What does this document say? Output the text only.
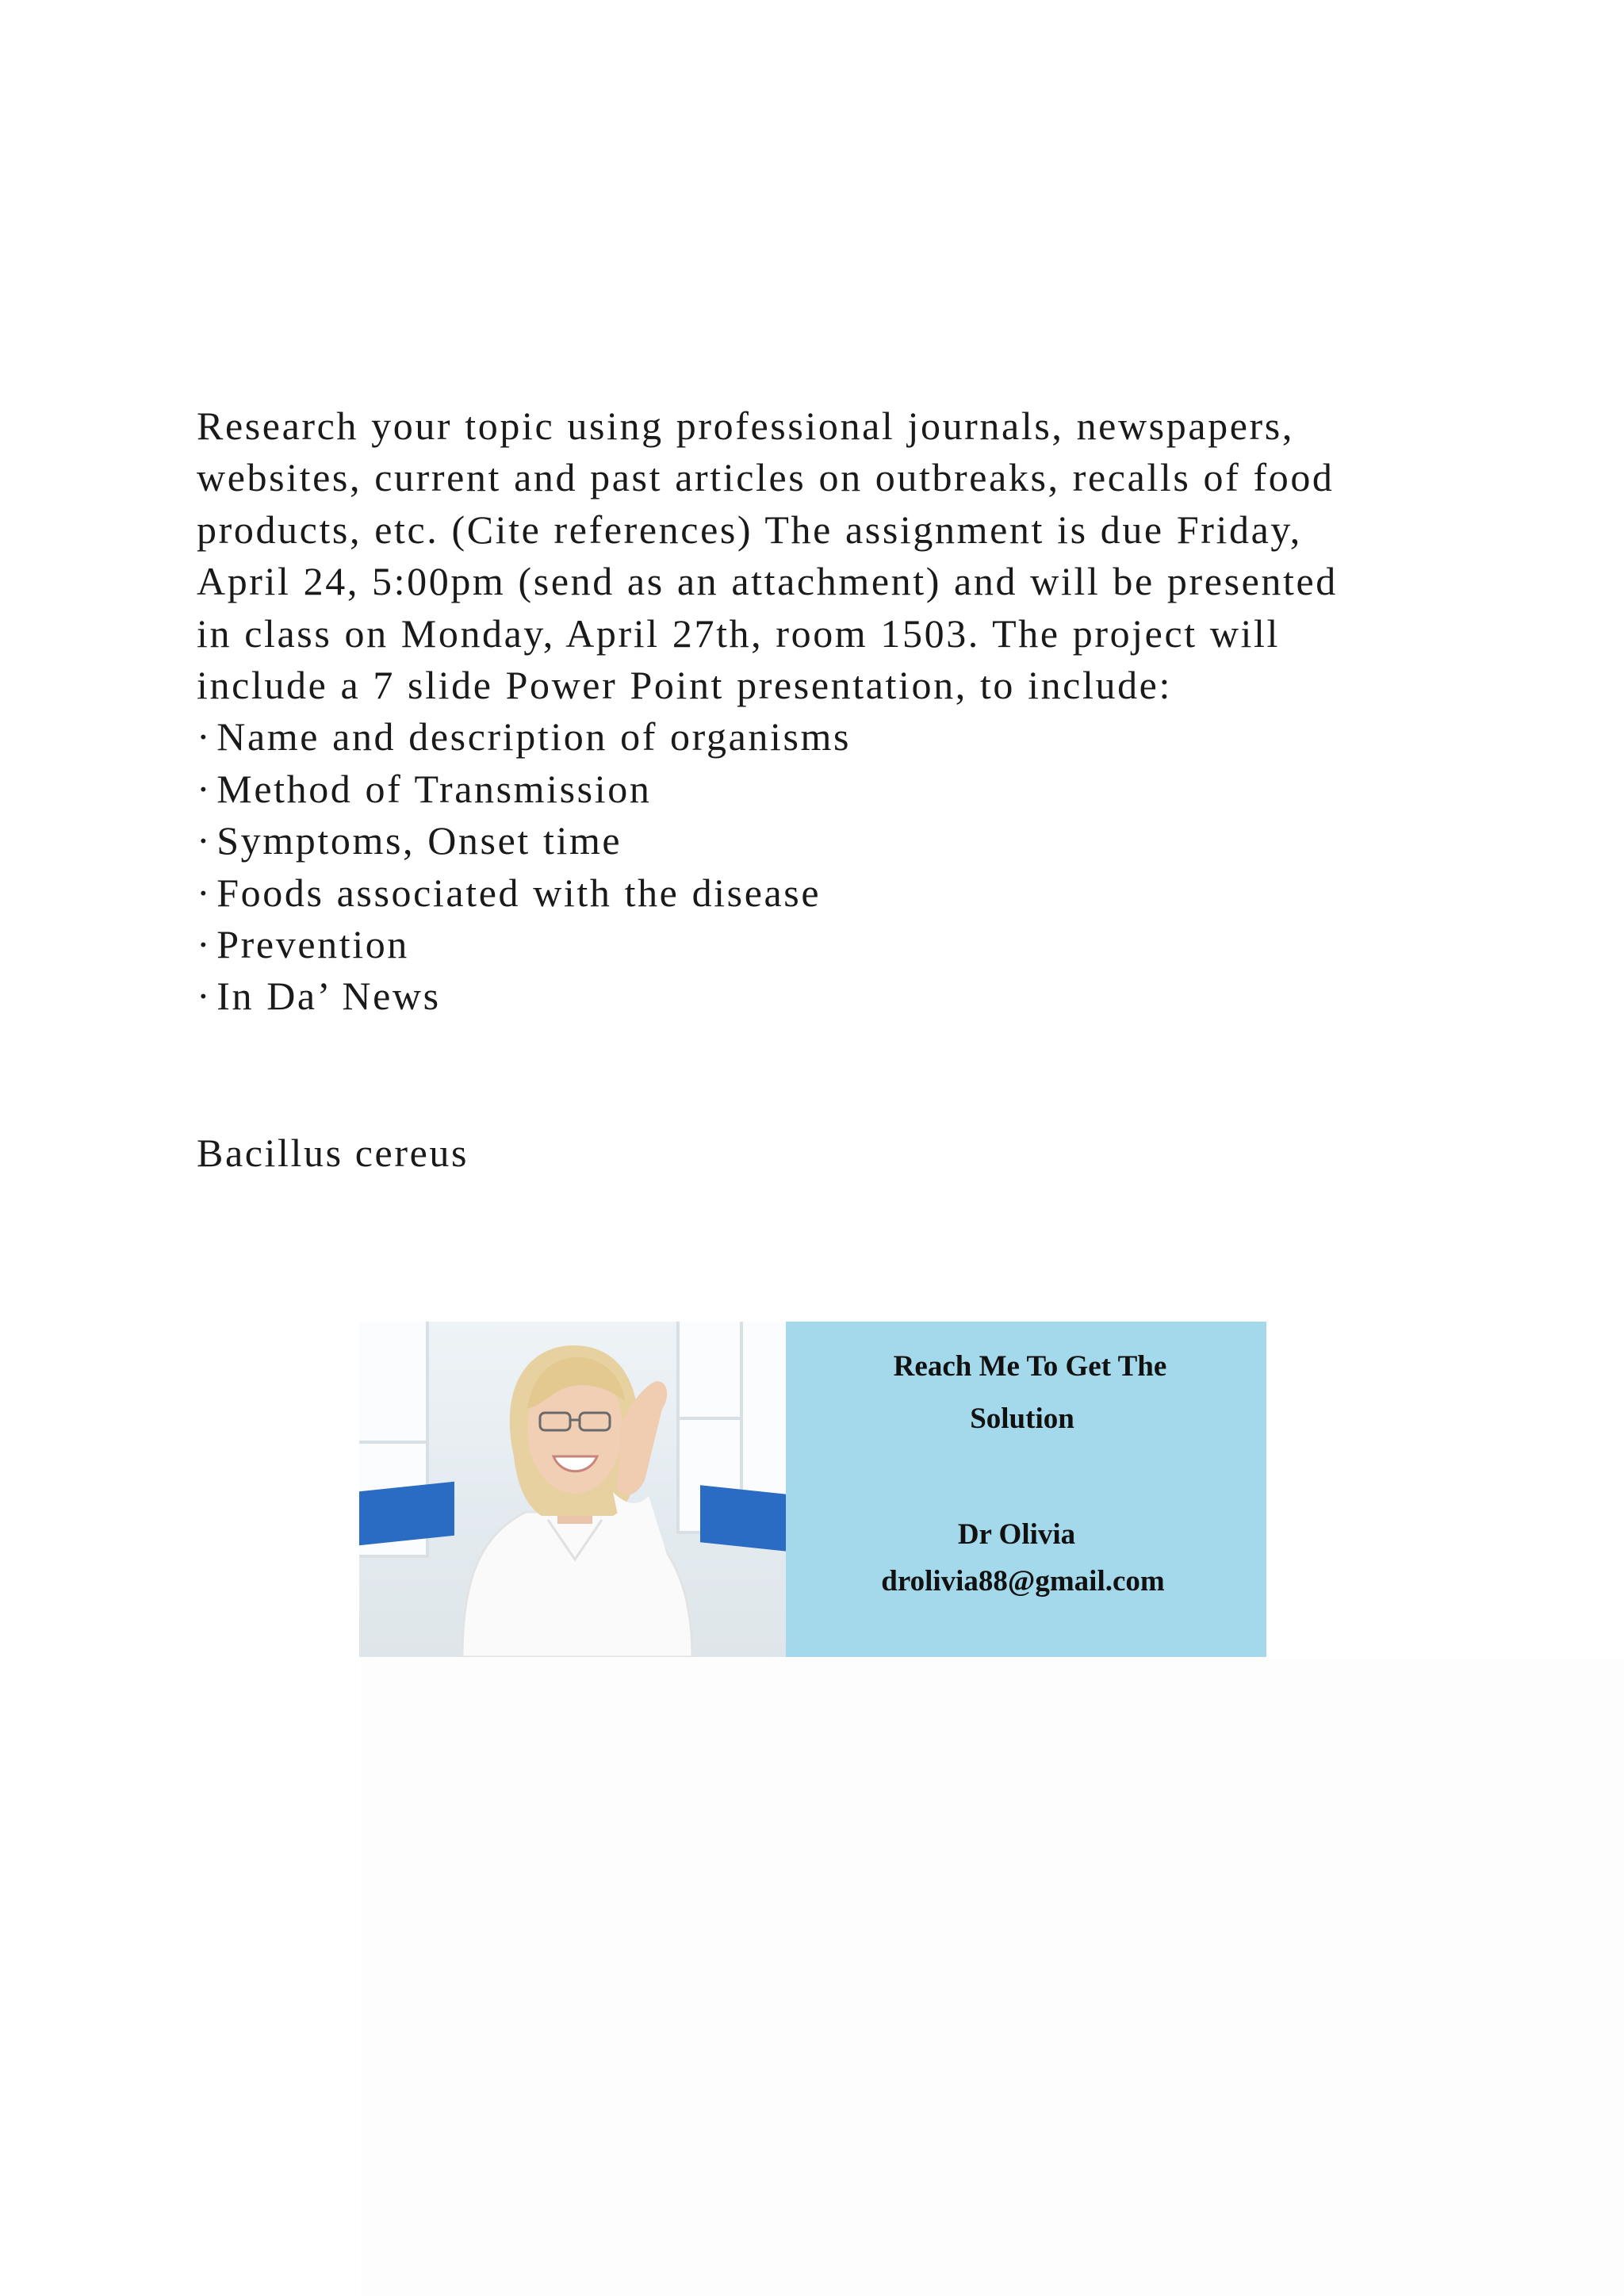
Research your topic using professional journals, newspapers,

websites, current and past articles on outbreaks, recalls of food

products, etc. (Cite references) The assignment is due Friday,

April 24, 5:00pm (send as an attachment) and will be presented

in class on Monday, April 27th, room 1503. The project will

include a 7 slide Power Point presentation, to include:

· Name and description of organisms
· Method of Transmission
· Symptoms, Onset time
· Foods associated with the disease
· Prevention
· In Da’ News

Bacillus cereus

Reach Me To Get The

Solution

Dr Olivia

drolivia88@gmail.com
